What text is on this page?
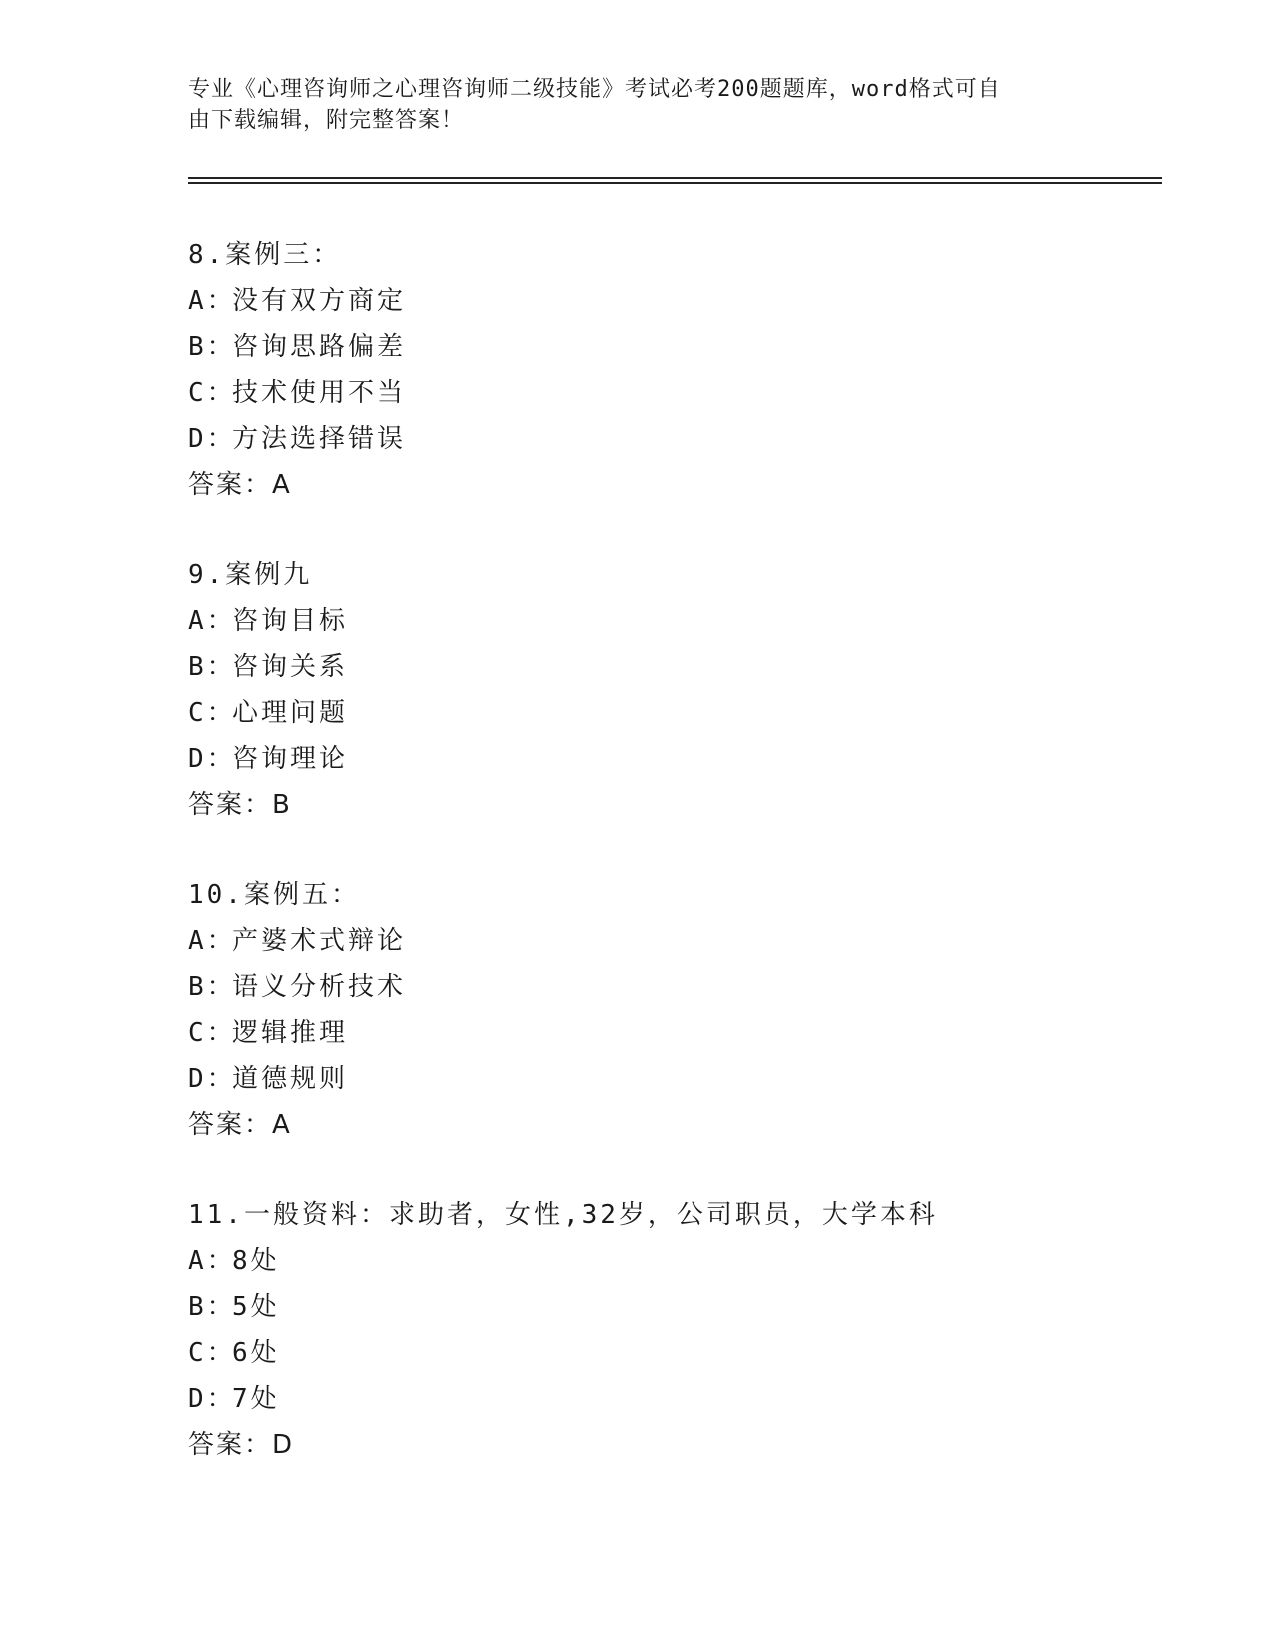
专业《心理咨询师之心理咨询师二级技能》考试必考200题题库，word格式可自
由下载编辑，附完整答案！
8.案例三：
A：没有双方商定
B：咨询思路偏差
C：技术使用不当
D：方法选择错误
答案：A
9.案例九
A：咨询目标
B：咨询关系
C：心理问题
D：咨询理论
答案：B
10.案例五：
A：产婆术式辩论
B：语义分析技术
C：逻辑推理
D：道德规则
答案：A
11.一般资料：求助者，女性,32岁，公司职员，大学本科
A：8处
B：5处
C：6处
D：7处
答案：D
